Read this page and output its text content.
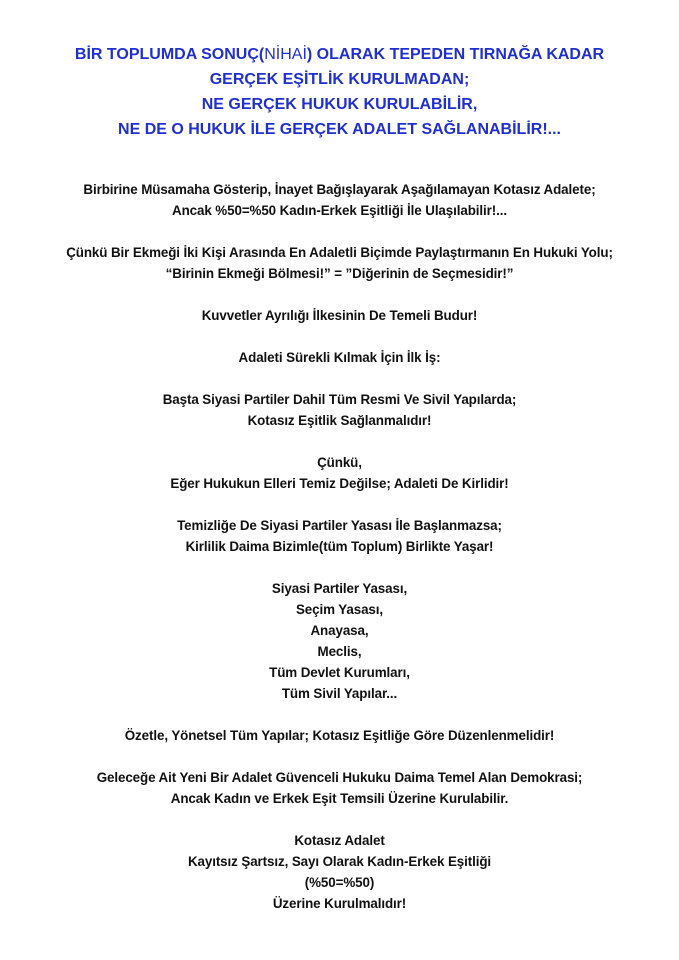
BİR TOPLUMDA SONUÇ(NİHAİ) OLARAK TEPEDEN TIRNAĞA KADAR
GERÇEK EŞİTLİK KURULMADAN;
NE GERÇEK HUKUK KURULABİLİR,
NE DE O HUKUK İLE GERÇEK ADALET SAĞLANABİLİR!...

Birbirine Müsamaha Gösterip, İnayet Bağışlayarak Aşağılamayan Kotasız Adalete;
Ancak %50=%50 Kadın-Erkek Eşitliği İle Ulaşılabilir!...

Çünkü Bir Ekmeği İki Kişi Arasında En Adaletli Biçimde Paylaştırmanın En Hukuki Yolu;
“Birinin Ekmeği Bölmesi!” = ”Diğerinin de Seçmesidir!”

Kuvvetler Ayrılığı İlkesinin De Temeli Budur!

Adaleti Sürekli Kılmak İçin İlk İş:

Başta Siyasi Partiler Dahil Tüm Resmi Ve Sivil Yapılarda;
Kotasız Eşitlik Sağlanmalıdır!

Çünkü,
Eğer Hukukun Elleri Temiz Değilse; Adaleti De Kirlidir!

Temizliğe De Siyasi Partiler Yasası İle Başlanmazsa;
Kirlilik Daima Bizimle(tüm Toplum) Birlikte Yaşar!

Siyasi Partiler Yasası,
Seçim Yasası,
Anayasa,
Meclis,
Tüm Devlet Kurumları,
Tüm Sivil Yapılar...

Özetle, Yönetsel Tüm Yapılar; Kotasız Eşitliğe Göre Düzenlenmelidir!

Geleceğe Ait Yeni Bir Adalet Güvenceli Hukuku Daima Temel Alan Demokrasi;
Ancak Kadın ve Erkek Eşit Temsili Üzerine Kurulabilir.

Kotasız Adalet
Kayıtsız Şartsız, Sayı Olarak Kadın-Erkek Eşitliği
(%50=%50)
Üzerine Kurulmalıdır!
